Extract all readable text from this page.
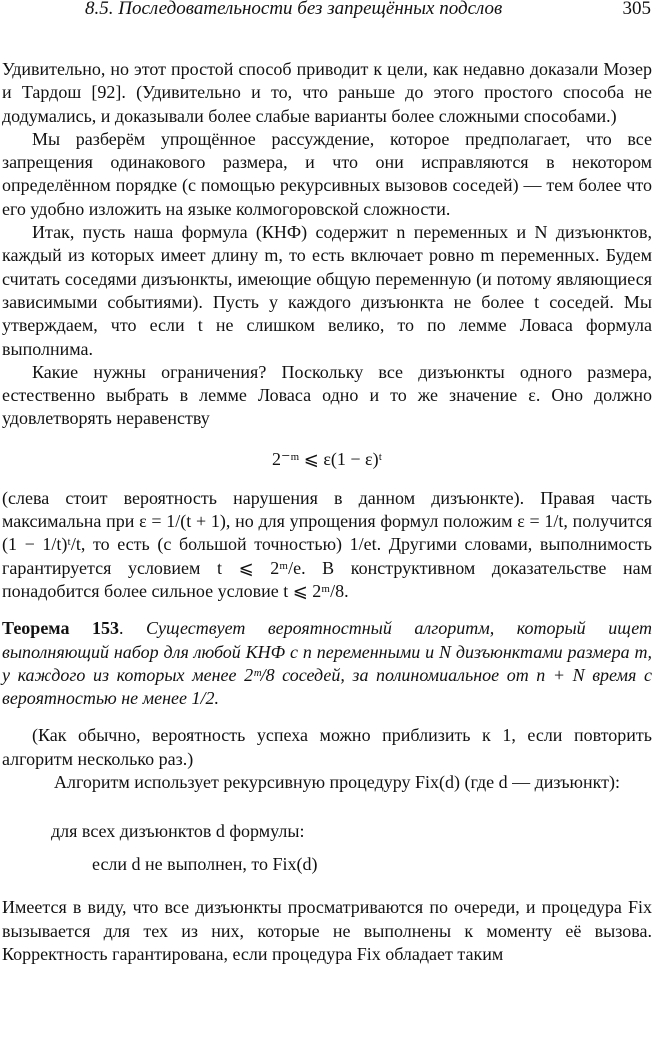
8.5. Последовательности без запрещённых подслов	305

Удивительно, но этот простой способ приводит к цели, как недавно доказали Мозер и Тардош [92]. (Удивительно и то, что раньше до этого простого способа не додумались, и доказывали более слабые варианты более сложными способами.)

Мы разберём упрощённое рассуждение, которое предполагает, что все запрещения одинакового размера, и что они исправляются в некотором определённом порядке (с помощью рекурсивных вызовов соседей) — тем более что его удобно изложить на языке колмогоровской сложности.

Итак, пусть наша формула (КНФ) содержит n переменных и N дизъюнктов, каждый из которых имеет длину m, то есть включает ровно m переменных. Будем считать соседями дизъюнкты, имеющие общую переменную (и потому являющиеся зависимыми событиями). Пусть у каждого дизъюнкта не более t соседей. Мы утверждаем, что если t не слишком велико, то по лемме Ловаса формула выполнима.

Какие нужны ограничения? Поскольку все дизъюнкты одного размера, естественно выбрать в лемме Ловаса одно и то же значение ε. Оно должно удовлетворять неравенству

2⁻ᵐ ⩽ ε(1 − ε)ᵗ

(слева стоит вероятность нарушения в данном дизъюнкте). Правая часть максимальна при ε = 1/(t + 1), но для упрощения формул положим ε = 1/t, получится (1 − 1/t)ᵗ/t, то есть (с большой точностью) 1/et. Другими словами, выполнимость гарантируется условием t ⩽ 2ᵐ/e. В конструктивном доказательстве нам понадобится более сильное условие t ⩽ 2ᵐ/8.

Теорема 153. Существует вероятностный алгоритм, который ищет выполняющий набор для любой КНФ с n переменными и N дизъюнктами размера m, у каждого из которых менее 2ᵐ/8 соседей, за полиномиальное от n + N время с вероятностью не менее 1/2.

(Как обычно, вероятность успеха можно приблизить к 1, если повторить алгоритм несколько раз.)

Алгоритм использует рекурсивную процедуру Fix(d) (где d — дизъюнкт):

для всех дизъюнктов d формулы:
если d не выполнен, то Fix(d)

Имеется в виду, что все дизъюнкты просматриваются по очереди, и процедура Fix вызывается для тех из них, которые не выполнены к моменту её вызова. Корректность гарантирована, если процедура Fix обладает таким
